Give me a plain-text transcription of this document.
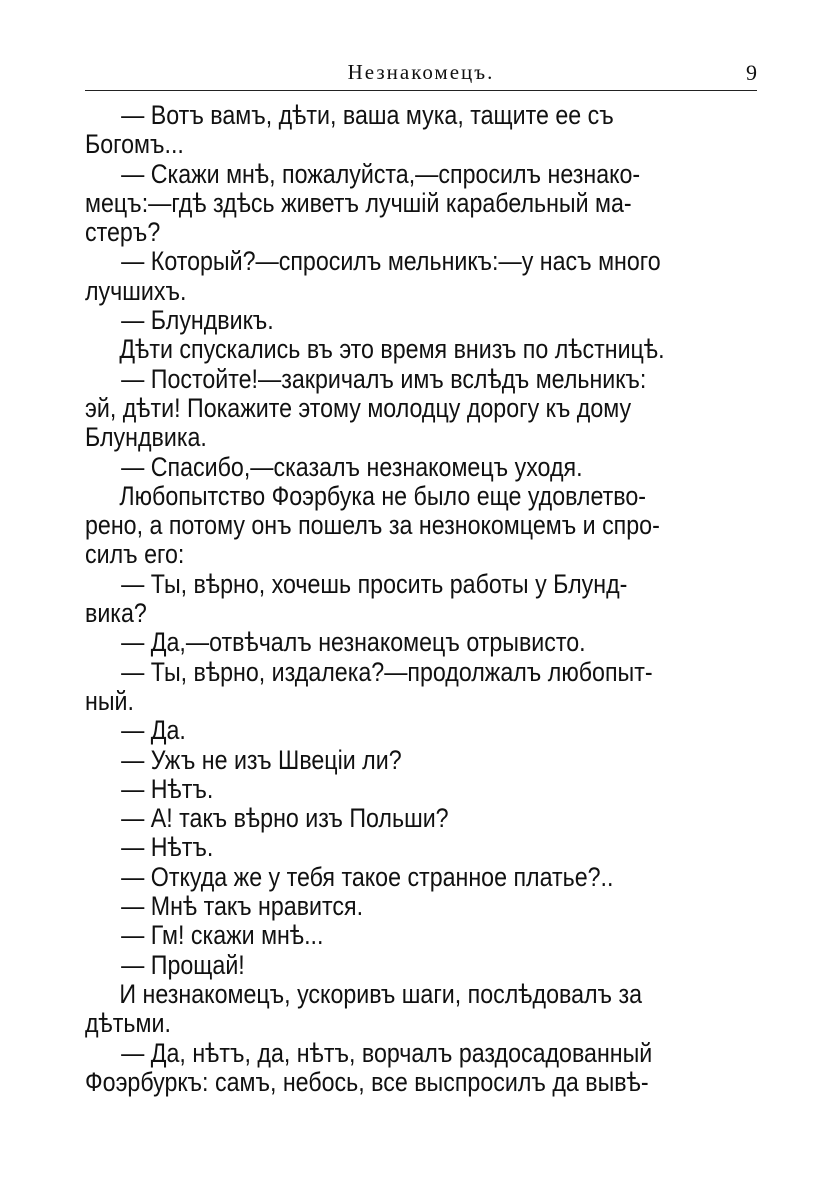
Незнакомецъ.	9
— Вотъ вамъ, дѣти, ваша мука, тащите ее съ
Богомъ...
— Скажи мнѣ, пожалуйста,—спросилъ незнако-
мецъ:—гдѣ здѣсь живетъ лучшій карабельный ма-
стеръ?
— Который?—спросилъ мельникъ:—у насъ много
лучшихъ.
— Блундвикъ.
Дѣти спускались въ это время внизъ по лѣстницѣ.
— Постойте!—закричалъ имъ вслѣдъ мельникъ:
эй, дѣти! Покажите этому молодцу дорогу къ дому
Блундвика.
— Спасибо,—сказалъ незнакомецъ уходя.
Любопытство Фоэрбука не было еще удовлетво-
рено, а потому онъ пошелъ за незнокомцемъ и спро-
силъ его:
— Ты, вѣрно, хочешь просить работы у Блунд-
вика?
— Да,—отвѣчалъ незнакомецъ отрывисто.
— Ты, вѣрно, издалека?—продолжалъ любопыт-
ный.
— Да.
— Ужъ не изъ Швеціи ли?
— Нѣтъ.
— А! такъ вѣрно изъ Польши?
— Нѣтъ.
— Откуда же у тебя такое странное платье?..
— Мнѣ такъ нравится.
— Гм! скажи мнѣ...
— Прощай!
И незнакомецъ, ускоривъ шаги, послѣдовалъ за
дѣтьми.
— Да, нѣтъ, да, нѣтъ, ворчалъ раздосадованный
Фоэрбуркъ: самъ, небось, все выспросилъ да вывѣ-
